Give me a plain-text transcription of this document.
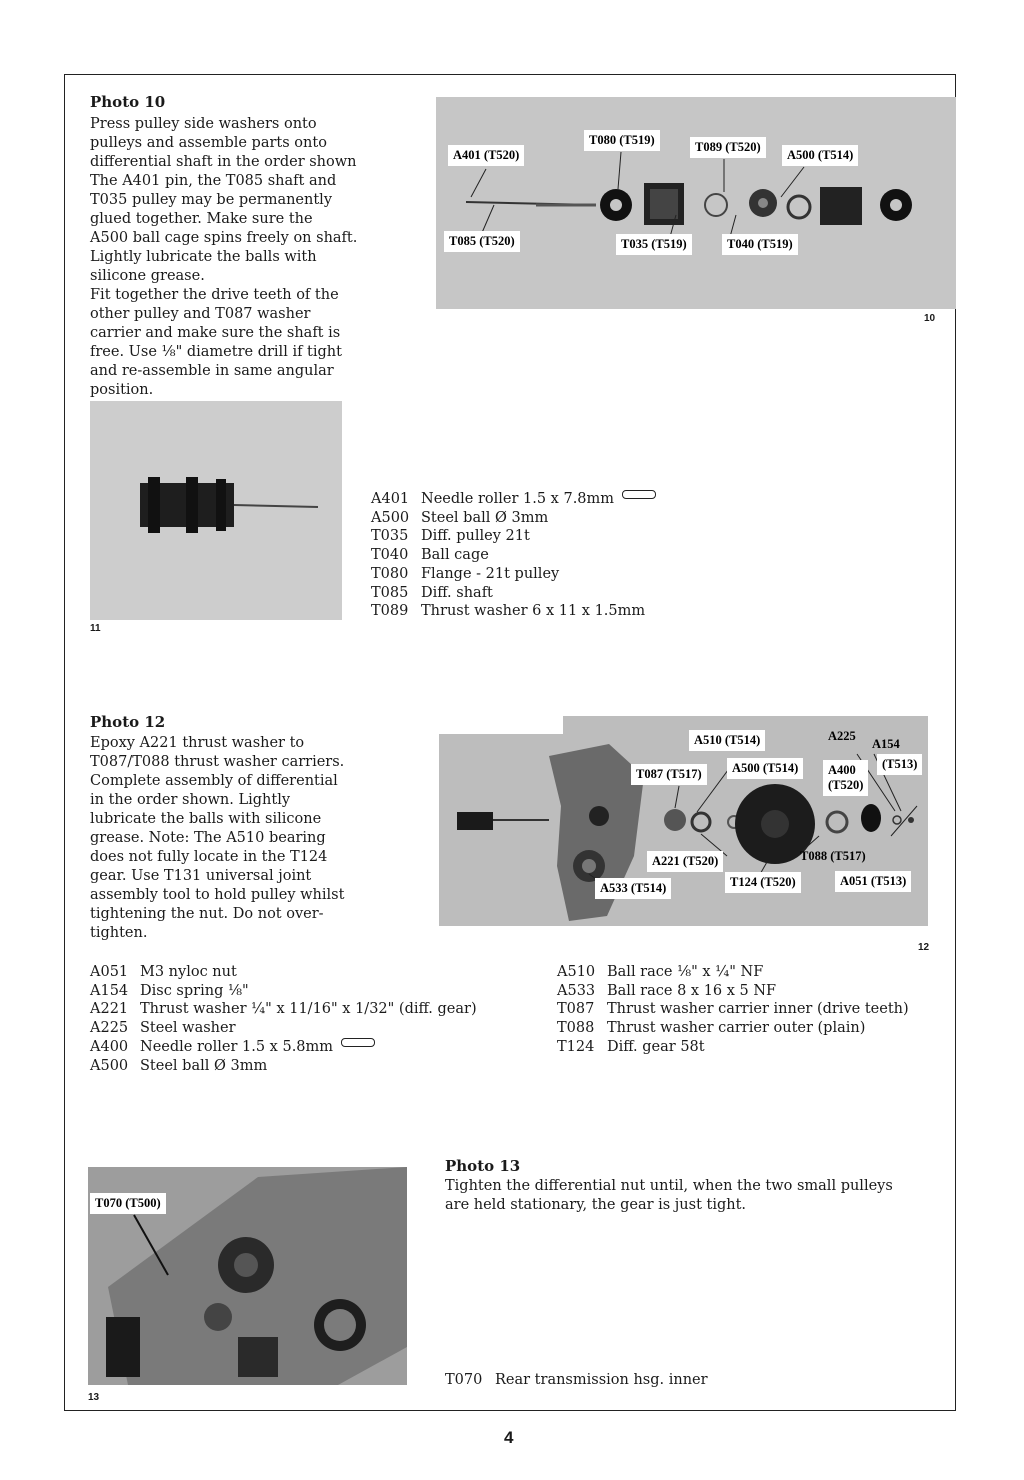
Photo 10
Press pulley side washers onto
pulleys and assemble parts onto
differential shaft in the order shown
The A401 pin, the T085 shaft and
T035 pulley may be permanently
glued together. Make sure the
A500 ball cage spins freely on shaft.
Lightly lubricate the balls with
silicone grease.
Fit together the drive teeth of the
other pulley and T087 washer
carrier and make sure the shaft is
free. Use ⅛" diametre drill if tight
and re-assemble in same angular
position.
A401 (T520)
T080 (T519)	T089 (T520)
A500 (T514)
T085 (T520)	T035 (T519)	T040 (T519)
10
11
A401 Needle roller 1.5 x 7.8mm
A500 Steel ball Ø 3mm
T035 Diff. pulley 21t
T040 Ball cage
T080 Flange - 21t pulley
T085 Diff. shaft
T089 Thrust washer 6 x 11 x 1.5mm
Photo 12
Epoxy A221 thrust washer to
T087/T088 thrust washer carriers.
Complete assembly of differential
in the order shown. Lightly
lubricate the balls with silicone
grease. Note: The A510 bearing
does not fully locate in the T124
gear. Use T131 universal joint
assembly tool to hold pulley whilst
tightening the nut. Do not over-
tighten.
A510 (T514)	A225
A154
(T513)
T087 (T517)	A500 (T514)	A400
(T520)
A221 (T520)	T088 (T517)
T124 (T520)	A051 (T513)
A533 (T514)
12
A051 M3 nyloc nut
A154 Disc spring ⅛"
A221 Thrust washer ¼" x 11/16" x 1/32" (diff. gear)
A225 Steel washer
A400 Needle roller 1.5 x 5.8mm
A500 Steel ball Ø 3mm
A510 Ball race ⅛" x ¼" NF
A533 Ball race 8 x 16 x 5 NF
T087 Thrust washer carrier inner (drive teeth)
T088 Thrust washer carrier outer (plain)
T124 Diff. gear 58t
T070 (T500)
13
Photo 13
Tighten the differential nut until, when the two small pulleys
are held stationary, the gear is just tight.
T070 Rear transmission hsg. inner
4
